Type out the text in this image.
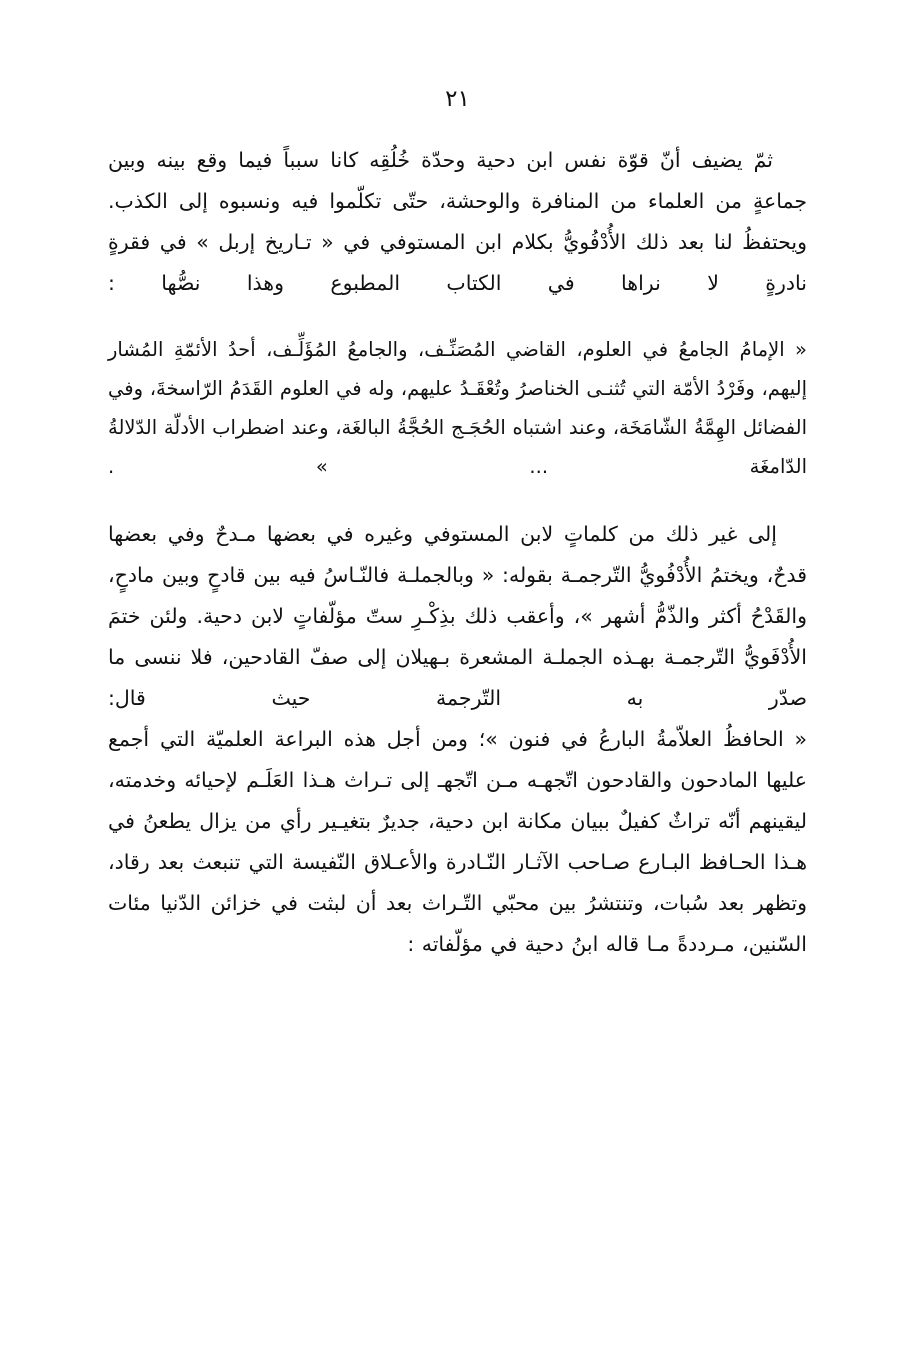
٢١

ثمّ يضيف أنّ قوّة نفس ابن دحية وحدّة خُلُقِه كانا سبباً فيما وقع بينه وبين جماعةٍ من العلماء من المنافرة والوحشة، حتّى تكلّموا فيه ونسبوه إلى الكذب. ويحتفظُ لنا بعد ذلك الأُدْفُويُّ بكلام ابن المستوفي في « تـاريخ إربل » في فقرةٍ نادرةٍ لا نراها في الكتاب المطبوع وهذا نصُّها :

« الإمامُ الجامعُ في العلوم، القاضي المُصَنِّـف، والجامعُ المُؤَلِّـف، أحدُ الأئمّةِ المُشار إليهم، وفَرْدُ الأمّة التي تُثنـى الخناصرُ وتُعْقَـدُ عليهم، وله في العلوم القَدَمُ الرّاسخةَ، وفي الفضائل الهِمَّةُ الشّامَخَة، وعند اشتباه الحُجَـج الحُجَّةُ البالغَة، وعند اضطراب الأدلّة الدّلالةُ الدّامغَة ... » .

إلى غير ذلك من كلماتٍ لابن المستوفي وغيره في بعضها مـدحٌ وفي بعضها قدحٌ، ويختمُ الأُدْفُويُّ التّرجمـة بقوله: « وبالجملـة فالنّـاسُ فيه بين قادحٍ وبين مادحٍ، والقَدْحُ أكثر والذّمُّ أشهر »، وأعقب ذلك بذِكْـرِ ستّ مؤلّفاتٍ لابن دحية. ولئن ختمَ الأُدْفَويُّ التّرجمـة بهـذه الجملـة المشعرة بـهيلان إلى صفّ القادحين، فلا ننسى ما صدّر به التّرجمة حيث قال:

« الحافظُ العلاّمةُ البارعُ في فنون »؛ ومن أجل هذه البراعة العلميّة التي أجمع عليها المادحون والقادحون اتّجهـه مـن اتّجهـ إلى تـراث هـذا العَلَـم لإحيائه وخدمته، ليقينهم أنّه تراثٌ كفيلٌ ببيان مكانة ابن دحية، جديرٌ بتغيـير رأي من يزال يطعنُ في هـذا الحـافظ البـارع صـاحب الآثـار النّـادرة والأعـلاق النّفيسة التي تنبعث بعد رقاد، وتظهر بعد سُبات، وتنتشرُ بين محبّي التّـراث بعد أن لبثت في خزائن الدّنيا مئات السّنين، مـرددةً مـا قاله ابنُ دحية في مؤلّفاته :
